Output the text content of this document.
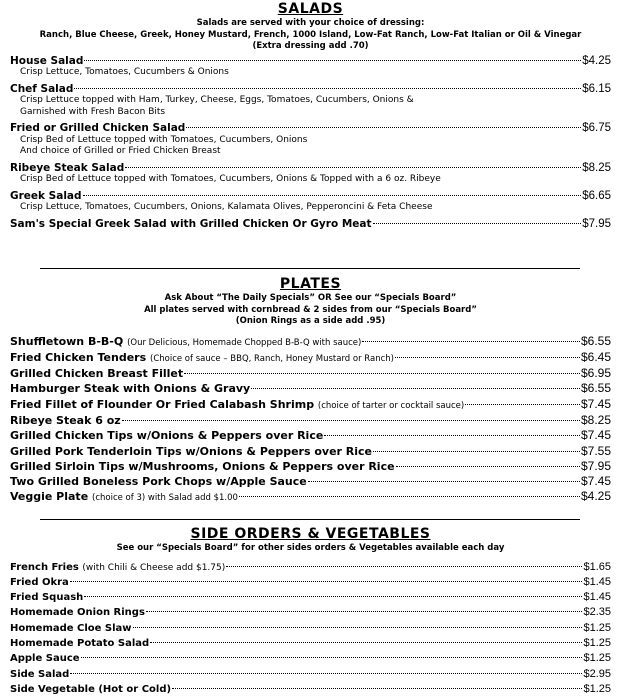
SALADS

Salads are served with your choice of dressing:

Ranch, Blue Cheese, Greek, Honey Mustard, French, 1000 Island, Low-Fat Ranch, Low-Fat Italian or Oil & Vinegar

(Extra dressing add .70)

House Salad	$4.25
Crisp Lettuce, Tomatoes, Cucumbers & Onions
Chef Salad	$6.15
Crisp Lettuce topped with Ham, Turkey, Cheese, Eggs, Tomatoes, Cucumbers, Onions &
Garnished with Fresh Bacon Bits
Fried or Grilled Chicken Salad	$6.75
Crisp Bed of Lettuce topped with Tomatoes, Cucumbers, Onions
And choice of Grilled or Fried Chicken Breast
Ribeye Steak Salad	$8.25
Crisp Bed of Lettuce topped with Tomatoes, Cucumbers, Onions & Topped with a 6 oz. Ribeye
Greek Salad	$6.65
Crisp Lettuce, Tomatoes, Cucumbers, Onions, Kalamata Olives, Pepperoncini & Feta Cheese
Sam's Special Greek Salad with Grilled Chicken Or Gyro Meat	$7.95

PLATES

Ask About “The Daily Specials” OR See our “Specials Board”

All plates served with cornbread & 2 sides from our “Specials Board”

(Onion Rings as a side add .95)

Shuffletown B-B-Q (Our Delicious, Homemade Chopped B-B-Q with sauce)	$6.55
Fried Chicken Tenders (Choice of sauce – BBQ, Ranch, Honey Mustard or Ranch)	$6.45
Grilled Chicken Breast Fillet	$6.95
Hamburger Steak with Onions & Gravy	$6.55
Fried Fillet of Flounder Or Fried Calabash Shrimp (choice of tarter or cocktail sauce)	$7.45
Ribeye Steak 6 oz	$8.25
Grilled Chicken Tips w/Onions & Peppers over Rice	$7.45
Grilled Pork Tenderloin Tips w/Onions & Peppers over Rice	$7.55
Grilled Sirloin Tips w/Mushrooms, Onions & Peppers over Rice	$7.95
Two Grilled Boneless Pork Chops w/Apple Sauce	$7.45
Veggie Plate (choice of 3) with Salad add $1.00	$4.25

SIDE ORDERS & VEGETABLES

See our “Specials Board” for other sides orders & Vegetables available each day

French Fries (with Chili & Cheese add $1.75)	$1.65
Fried Okra	$1.45
Fried Squash	$1.45
Homemade Onion Rings	$2.35
Homemade Cloe Slaw	$1.25
Homemade Potato Salad	$1.25
Apple Sauce	$1.25
Side Salad	$2.95
Side Vegetable (Hot or Cold)	$1.25
